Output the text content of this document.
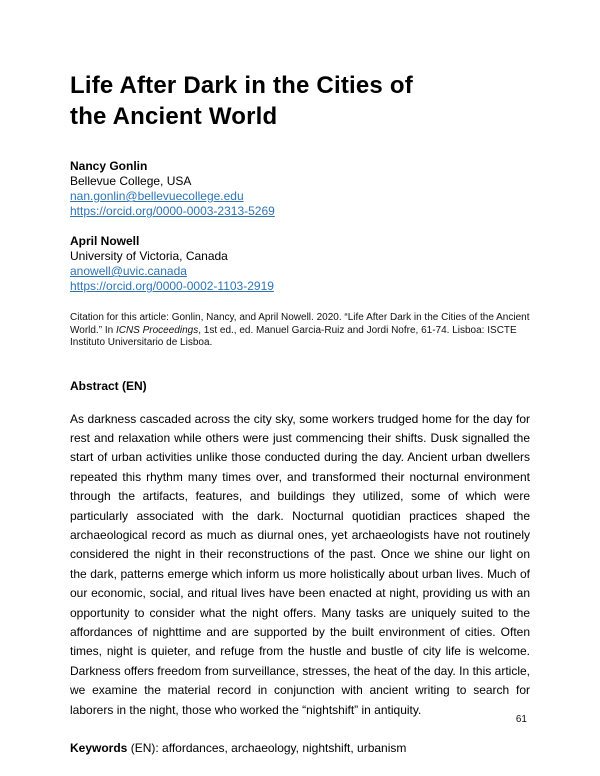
Life After Dark in the Cities of
the Ancient World
Nancy Gonlin
Bellevue College, USA
nan.gonlin@bellevuecollege.edu
https://orcid.org/0000-0003-2313-5269
April Nowell
University of Victoria, Canada
anowell@uvic.canada
https://orcid.org/0000-0002-1103-2919

Citation for this article: Gonlin, Nancy, and April Nowell. 2020. “Life After Dark in the Cities of the Ancient World.” In ICNS Proceedings, 1st ed., ed. Manuel Garcia-Ruiz and Jordi Nofre, 61-74. Lisboa: ISCTE Instituto Universitario de Lisboa.

Abstract (EN)

As darkness cascaded across the city sky, some workers trudged home for the day for rest and relaxation while others were just commencing their shifts. Dusk signalled the start of urban activities unlike those conducted during the day. Ancient urban dwellers repeated this rhythm many times over, and transformed their nocturnal environment through the artifacts, features, and buildings they utilized, some of which were particularly associated with the dark. Nocturnal quotidian practices shaped the archaeological record as much as diurnal ones, yet archaeologists have not routinely considered the night in their reconstructions of the past. Once we shine our light on the dark, patterns emerge which inform us more holistically about urban lives. Much of our economic, social, and ritual lives have been enacted at night, providing us with an opportunity to consider what the night offers. Many tasks are uniquely suited to the affordances of nighttime and are supported by the built environment of cities. Often times, night is quieter, and refuge from the hustle and bustle of city life is welcome. Darkness offers freedom from surveillance, stresses, the heat of the day. In this article, we examine the material record in conjunction with ancient writing to search for laborers in the night, those who worked the “nightshift” in antiquity.

Keywords (EN): affordances, archaeology, nightshift, urbanism

61
